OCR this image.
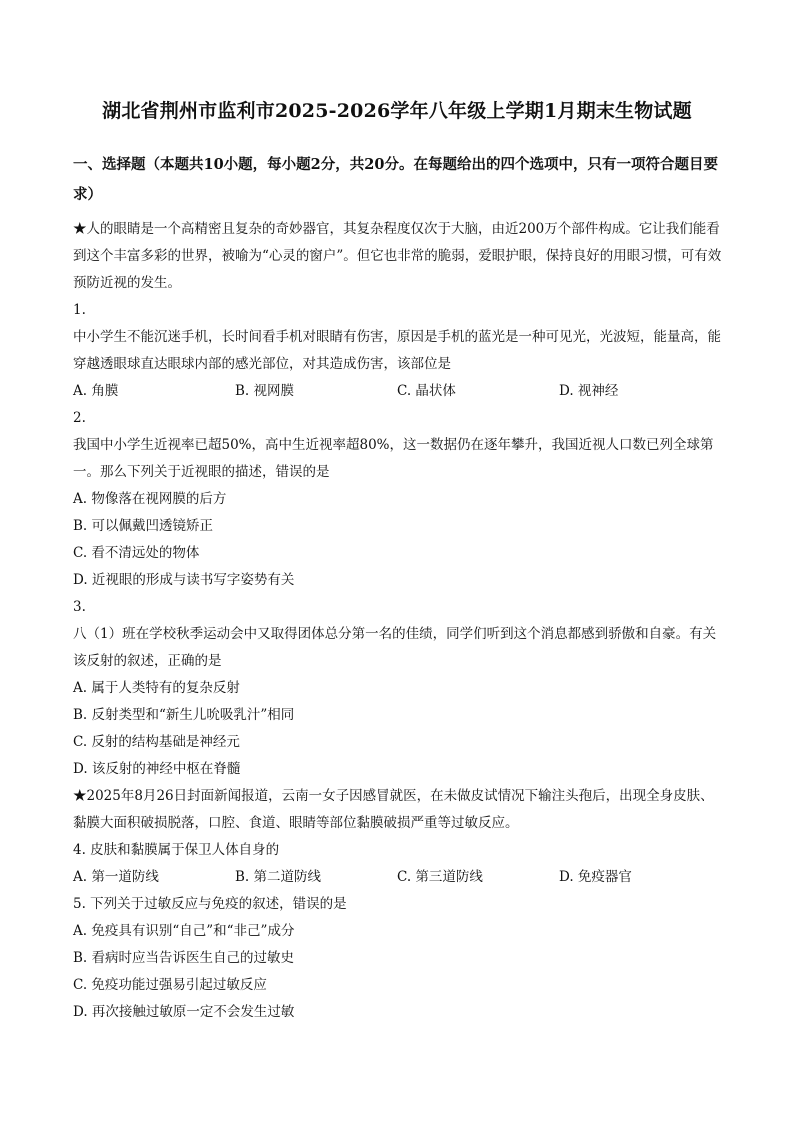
湖北省荆州市监利市2025-2026学年八年级上学期1月期末生物试题
一、选择题（本题共10小题，每小题2分，共20分。在每题给出的四个选项中，只有一项符合题目要求）
★人的眼睛是一个高精密且复杂的奇妙器官，其复杂程度仅次于大脑，由近200万个部件构成。它让我们能看到这个丰富多彩的世界，被喻为“心灵的窗户”。但它也非常的脆弱，爱眼护眼，保持良好的用眼习惯，可有效预防近视的发生。
1.
中小学生不能沉迷手机，长时间看手机对眼睛有伤害，原因是手机的蓝光是一种可见光，光波短，能量高，能穿越透眼球直达眼球内部的感光部位，对其造成伤害，该部位是
A. 角膜	B. 视网膜	C. 晶状体	D. 视神经
2.
我国中小学生近视率已超50%，高中生近视率超80%，这一数据仍在逐年攀升，我国近视人口数已列全球第一。那么下列关于近视眼的描述，错误的是
A. 物像落在视网膜的后方
B. 可以佩戴凹透镜矫正
C. 看不清远处的物体
D. 近视眼的形成与读书写字姿势有关
3.
八（1）班在学校秋季运动会中又取得团体总分第一名的佳绩，同学们听到这个消息都感到骄傲和自豪。有关该反射的叙述，正确的是
A. 属于人类特有的复杂反射
B. 反射类型和“新生儿吮吸乳汁”相同
C. 反射的结构基础是神经元
D. 该反射的神经中枢在脊髓
★2025年8月26日封面新闻报道，云南一女子因感冒就医，在未做皮试情况下输注头孢后，出现全身皮肤、黏膜大面积破损脱落，口腔、食道、眼睛等部位黏膜破损严重等过敏反应。
4. 皮肤和黏膜属于保卫人体自身的
A. 第一道防线	B. 第二道防线	C. 第三道防线	D. 免疫器官
5. 下列关于过敏反应与免疫的叙述，错误的是
A. 免疫具有识别“自己”和“非己”成分
B. 看病时应当告诉医生自己的过敏史
C. 免疫功能过强易引起过敏反应
D. 再次接触过敏原一定不会发生过敏
